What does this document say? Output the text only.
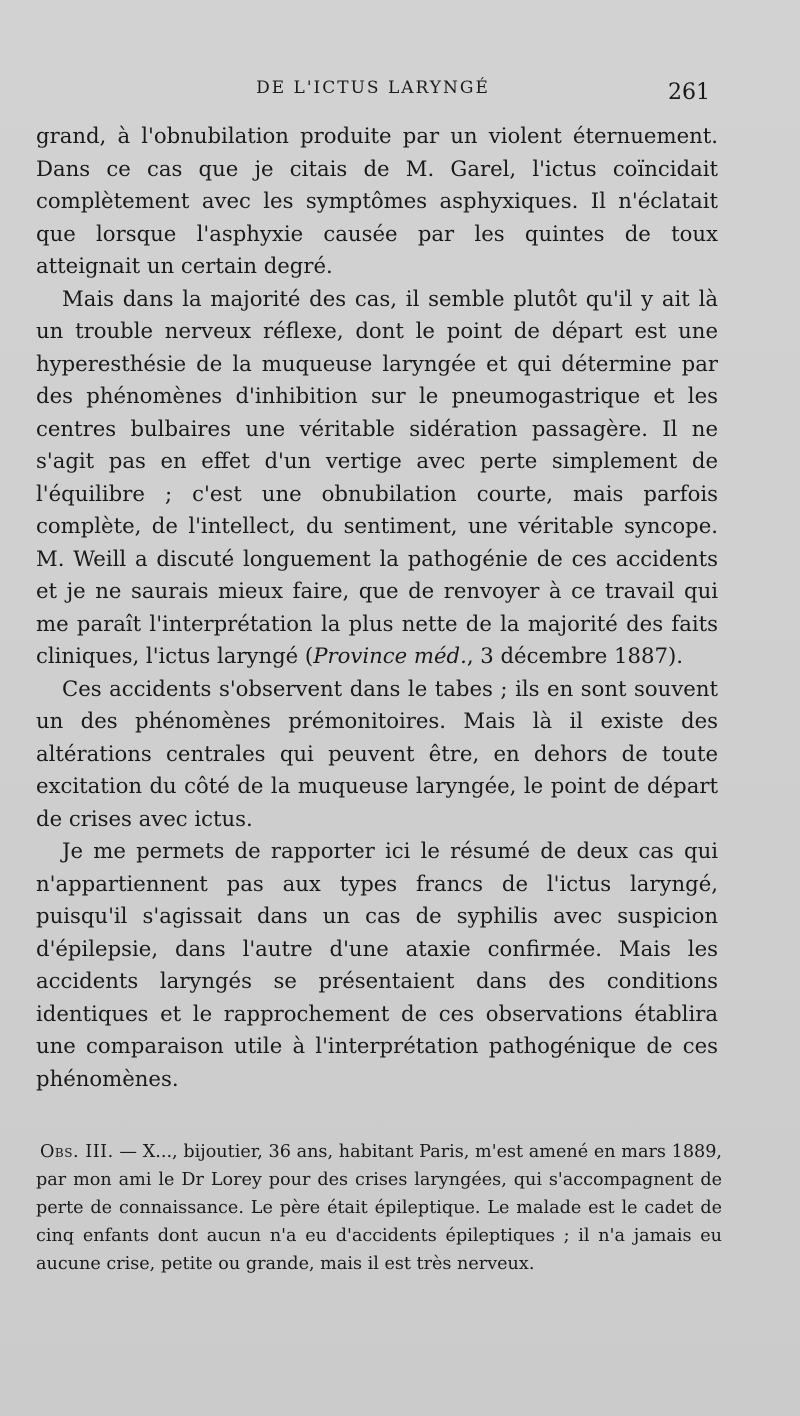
DE L'ICTUS LARYNGÉ	261

grand, à l'obnubilation produite par un violent éternuement. Dans ce cas que je citais de M. Garel, l'ictus coïncidait complètement avec les symptômes asphyxiques. Il n'éclatait que lorsque l'asphyxie causée par les quintes de toux atteignait un certain degré.

Mais dans la majorité des cas, il semble plutôt qu'il y ait là un trouble nerveux réflexe, dont le point de départ est une hyperesthésie de la muqueuse laryngée et qui détermine par des phénomènes d'inhibition sur le pneumogastrique et les centres bulbaires une véritable sidération passagère. Il ne s'agit pas en effet d'un vertige avec perte simplement de l'équilibre ; c'est une obnubilation courte, mais parfois complète, de l'intellect, du sentiment, une véritable syncope. M. Weill a discuté longuement la pathogénie de ces accidents et je ne saurais mieux faire, que de renvoyer à ce travail qui me paraît l'interprétation la plus nette de la majorité des faits cliniques, l'ictus laryngé (Province méd., 3 décembre 1887).

Ces accidents s'observent dans le tabes ; ils en sont souvent un des phénomènes prémonitoires. Mais là il existe des altérations centrales qui peuvent être, en dehors de toute excitation du côté de la muqueuse laryngée, le point de départ de crises avec ictus.

Je me permets de rapporter ici le résumé de deux cas qui n'appartiennent pas aux types francs de l'ictus laryngé, puisqu'il s'agissait dans un cas de syphilis avec suspicion d'épilepsie, dans l'autre d'une ataxie confirmée. Mais les accidents laryngés se présentaient dans des conditions identiques et le rapprochement de ces observations établira une comparaison utile à l'interprétation pathogénique de ces phénomènes.

Obs. III. — X..., bijoutier, 36 ans, habitant Paris, m'est amené en mars 1889, par mon ami le Dr Lorey pour des crises laryngées, qui s'accompagnent de perte de connaissance. Le père était épileptique. Le malade est le cadet de cinq enfants dont aucun n'a eu d'accidents épileptiques ; il n'a jamais eu aucune crise, petite ou grande, mais il est très nerveux.
